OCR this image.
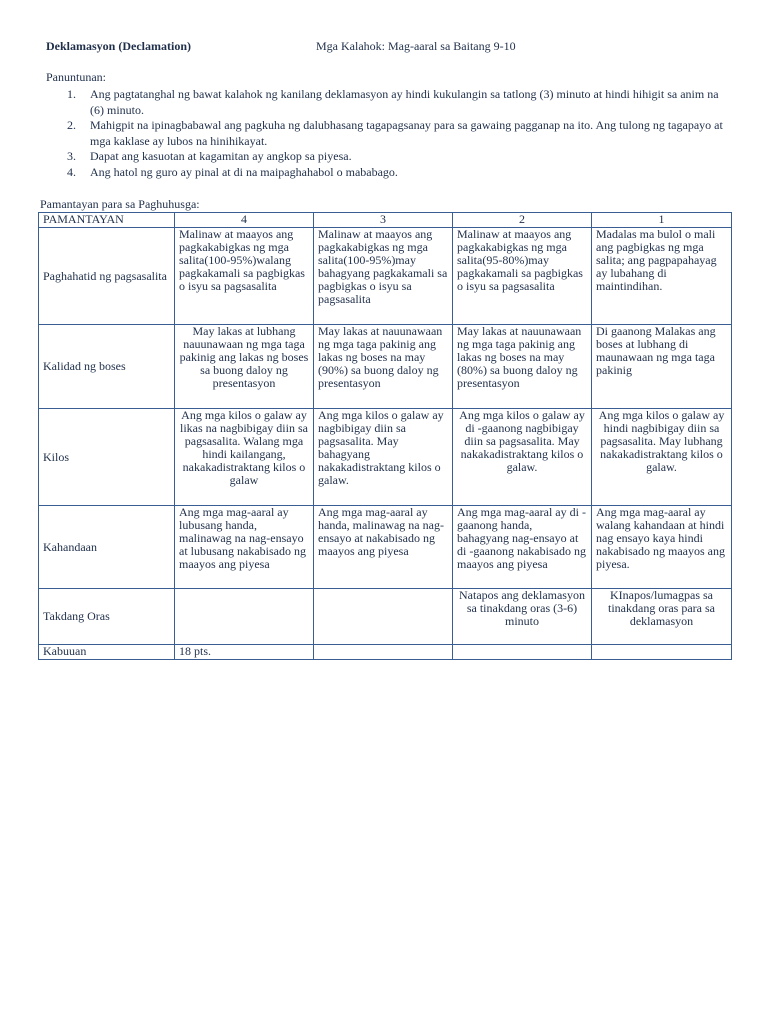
Deklamasyon (Declamation)	Mga Kalahok: Mag-aaral sa Baitang 9-10
Panuntunan:
1. Ang pagtatanghal ng bawat kalahok ng kanilang deklamasyon ay hindi kukulangin sa tatlong (3) minuto at hindi hihigit sa anim na (6) minuto.
2. Mahigpit na ipinagbabawal ang pagkuha ng dalubhasang tagapagsanay para sa gawaing pagganap na ito. Ang tulong ng tagapayo at mga kaklase ay lubos na hinihikayat.
3. Dapat ang kasuotan at kagamitan ay angkop sa piyesa.
4. Ang hatol ng guro ay pinal at di na maipaghahabol o mababago.
Pamantayan para sa Paghuhusga:
PAMANTAYAN	4	3	2	1
Paghahatid ng pagsasalita	Malinaw at maayos ang pagkakabigkas ng mga salita(100-95%)walang pagkakamali sa pagbigkas o isyu sa pagsasalita	Malinaw at maayos ang pagkakabigkas ng mga salita(100-95%)may bahagyang pagkakamali sa pagbigkas o isyu sa pagsasalita	Malinaw at maayos ang pagkakabigkas ng mga salita(95-80%)may pagkakamali sa pagbigkas o isyu sa pagsasalita	Madalas ma bulol o mali ang pagbigkas ng mga salita; ang pagpapahayag ay lubahang di maintindihan.
Kalidad ng boses	May lakas at lubhang nauunawaan ng mga taga pakinig ang lakas ng boses sa buong daloy ng presentasyon	May lakas at nauunawaan ng mga taga pakinig ang lakas ng boses na may (90%) sa buong daloy ng presentasyon	May lakas at nauunawaan ng mga taga pakinig ang lakas ng boses na may (80%) sa buong daloy ng presentasyon	Di gaanong Malakas ang boses at lubhang di maunawaan ng mga taga pakinig
Kilos	Ang mga kilos o galaw ay likas na nagbibigay diin sa pagsasalita. Walang mga hindi kailangang, nakakadistraktang kilos o galaw	Ang mga kilos o galaw ay nagbibigay diin sa pagsasalita. May bahagyang nakakadistraktang kilos o galaw.	Ang mga kilos o galaw ay di -gaanong nagbibigay diin sa pagsasalita. May nakakadistraktang kilos o galaw.	Ang mga kilos o galaw ay hindi nagbibigay diin sa pagsasalita. May lubhang nakakadistraktang kilos o galaw.
Kahandaan	Ang mga mag-aaral ay lubusang handa, malinawag na nag-ensayo at lubusang nakabisado ng maayos ang piyesa	Ang mga mag-aaral ay handa, malinawag na nag-ensayo at nakabisado ng maayos ang piyesa	Ang mga mag-aaral ay di -gaanong handa, bahagyang nag-ensayo at di -gaanong nakabisado ng maayos ang piyesa	Ang mga mag-aaral ay walang kahandaan at hindi nag ensayo kaya hindi nakabisado ng maayos ang piyesa.
Takdang Oras			Natapos ang deklamasyon sa tinakdang oras (3-6) minuto	KInapos/lumagpas sa tinakdang oras para sa deklamasyon
Kabuuan	18 pts.			
